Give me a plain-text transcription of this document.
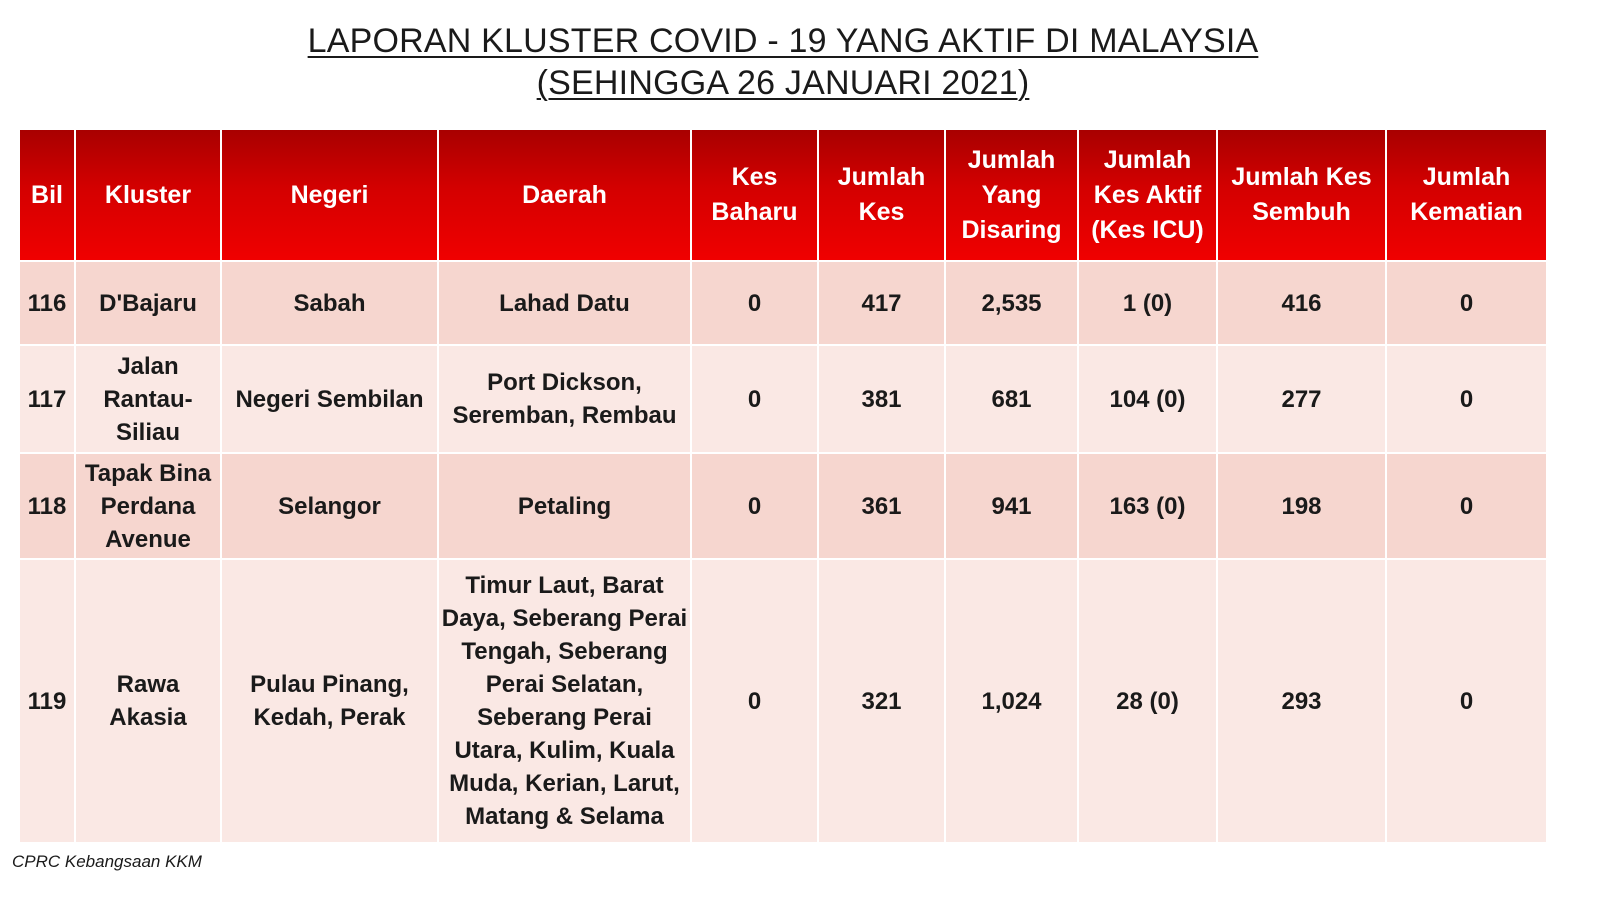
LAPORAN KLUSTER COVID - 19 YANG AKTIF DI MALAYSIA
(SEHINGGA 26 JANUARI 2021)
Bil	Kluster	Negeri	Daerah	Kes Baharu	Jumlah Kes	Jumlah Yang Disaring	Jumlah Kes Aktif (Kes ICU)	Jumlah Kes Sembuh	Jumlah Kematian
116	D'Bajaru	Sabah	Lahad Datu	0	417	2,535	1 (0)	416	0
117	Jalan Rantau-Siliau	Negeri Sembilan	Port Dickson, Seremban, Rembau	0	381	681	104 (0)	277	0
118	Tapak Bina Perdana Avenue	Selangor	Petaling	0	361	941	163 (0)	198	0
119	Rawa Akasia	Pulau Pinang, Kedah, Perak	Timur Laut, Barat Daya, Seberang Perai Tengah, Seberang Perai Selatan, Seberang Perai Utara, Kulim, Kuala Muda, Kerian, Larut, Matang & Selama	0	321	1,024	28 (0)	293	0
CPRC Kebangsaan KKM
